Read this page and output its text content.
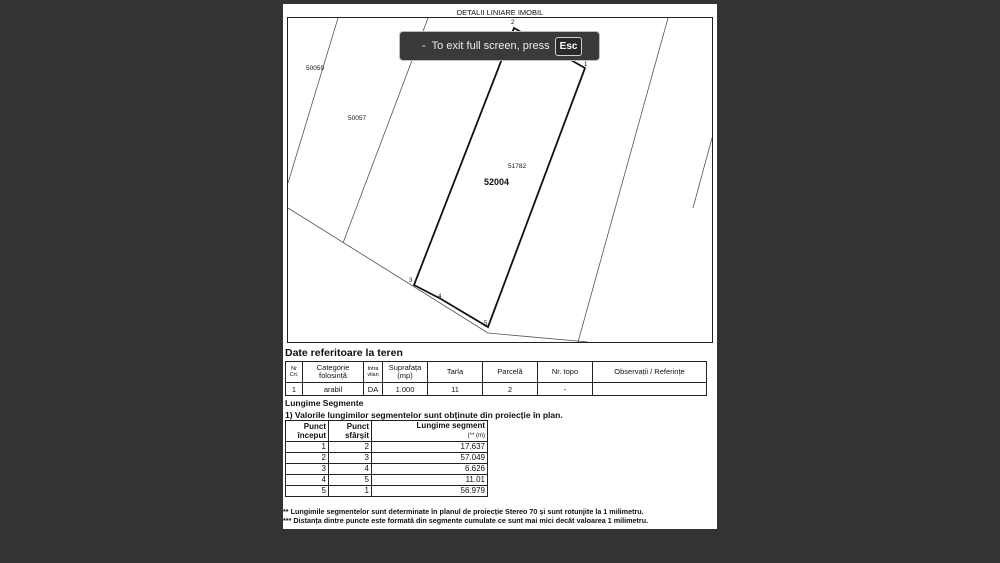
DETALII LINIARE IMOBIL
50059
50057
51782
52004
1
2
3
4
5
Date referitoare la teren
Nr Crt.	Categorie folosință	Intra vilan	Suprafața (mp)	Tarla	Parcelă	Nr. topo	Observații / Referințe
1	arabil	DA	1.000	11	2	-	
Lungime Segmente
1) Valorile lungimilor segmentelor sunt obținute din proiecție în plan.
Punct început	Punct sfârșit	Lungime segment
(** (m)
1	2	17.637
2	3	57.049
3	4	6.626
4	5	11.01
5	1	56.979
** Lungimile segmentelor sunt determinate în planul de proiecție Stereo 70 și sunt rotunjite la 1 milimetru.
*** Distanța dintre puncte este formată din segmente cumulate ce sunt mai mici decât valoarea 1 milimetru.
- To exit full screen, press	Esc
